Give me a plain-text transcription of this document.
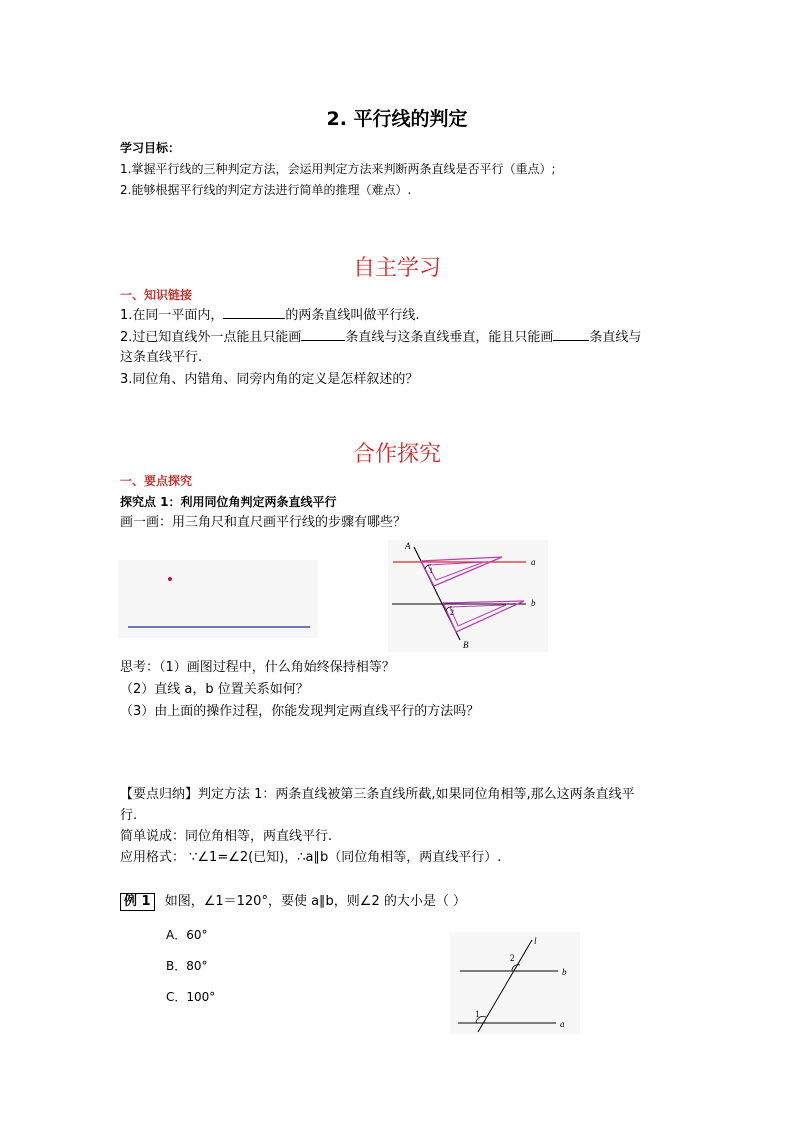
2. 平行线的判定
学习目标：
1.掌握平行线的三种判定方法，会运用判定方法来判断两条直线是否平行（重点）;
2.能够根据平行线的判定方法进行简单的推理（难点）.
自主学习
一、知识链接
1.在同一平面内，	的两条直线叫做平行线.
2.过已知直线外一点能且只能画	条直线与这条直线垂直，能且只能画	条直线与
这条直线平行.
3.同位角、内错角、同旁内角的定义是怎样叙述的？
合作探究
一、要点探究
探究点 1：利用同位角判定两条直线平行
画一画：用三角尺和直尺画平行线的步骤有哪些？
A
B
a
b
1
2
思考：（1）画图过程中，什么角始终保持相等？
（2）直线 a，b 位置关系如何？
（3）由上面的操作过程，你能发现判定两直线平行的方法吗？
【要点归纳】判定方法 1：两条直线被第三条直线所截,如果同位角相等,那么这两条直线平
行.
简单说成：同位角相等，两直线平行.
应用格式： ∵∠1=∠2(已知)，∴a∥b（同位角相等，两直线平行）.
例 1 如图，∠1＝120°，要使 a∥b，则∠2 的大小是（ ）
A．60°
B．80°
C．100°
l
b
a
2
1
